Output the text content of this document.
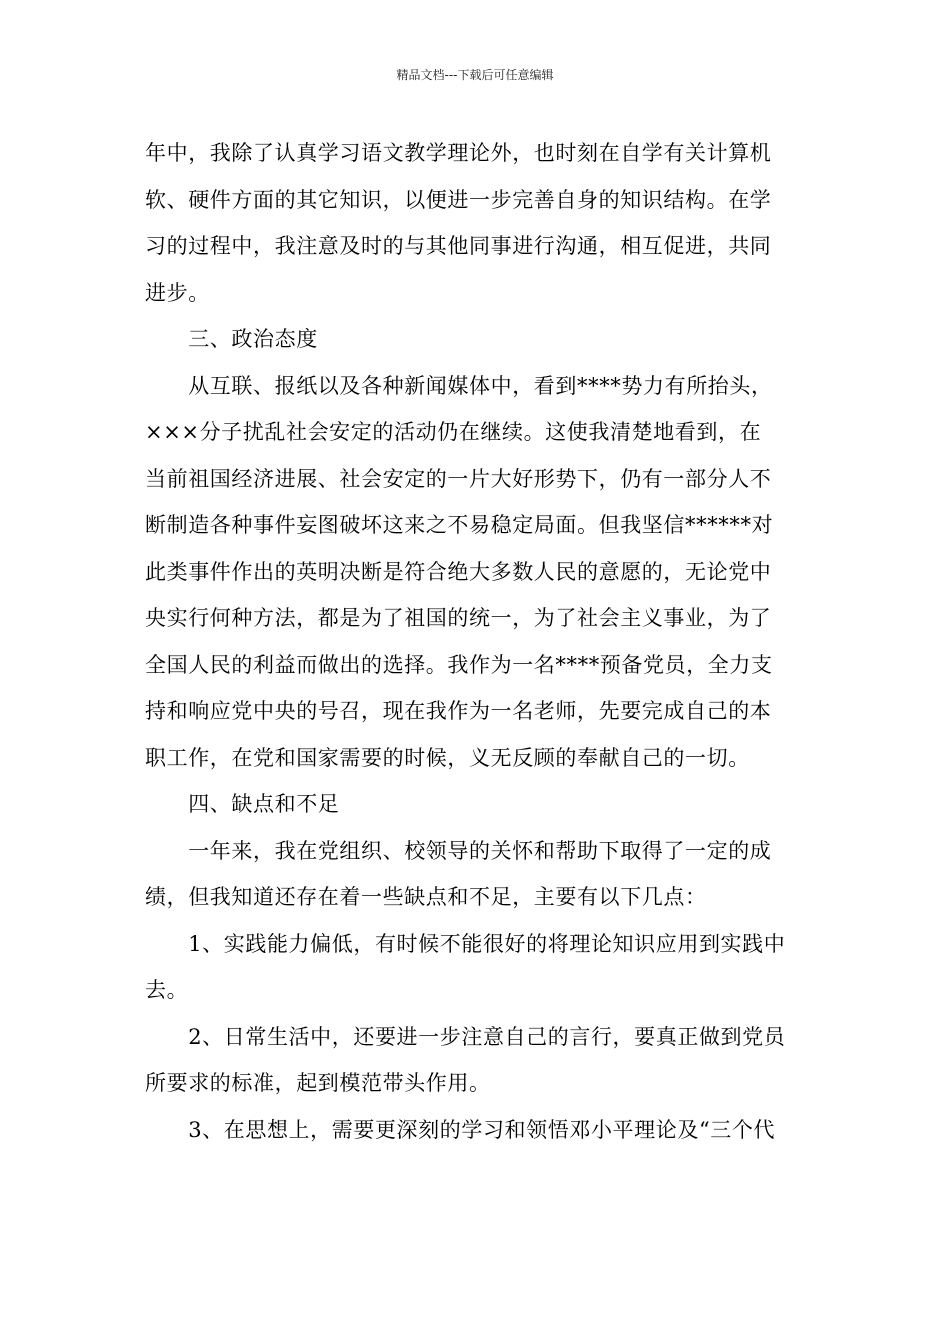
精品文档---下载后可任意编辑
年中，我除了认真学习语文教学理论外，也时刻在自学有关计算机
软、硬件方面的其它知识，以便进一步完善自身的知识结构。在学
习的过程中，我注意及时的与其他同事进行沟通，相互促进，共同
进步。
　　三、政治态度
　　从互联、报纸以及各种新闻媒体中，看到****势力有所抬头，
×××分子扰乱社会安定的活动仍在继续。这使我清楚地看到，在
当前祖国经济进展、社会安定的一片大好形势下，仍有一部分人不
断制造各种事件妄图破坏这来之不易稳定局面。但我坚信******对
此类事件作出的英明决断是符合绝大多数人民的意愿的，无论党中
央实行何种方法，都是为了祖国的统一，为了社会主义事业，为了
全国人民的利益而做出的选择。我作为一名****预备党员，全力支
持和响应党中央的号召，现在我作为一名老师，先要完成自己的本
职工作，在党和国家需要的时候，义无反顾的奉献自己的一切。
　　四、缺点和不足
　　一年来，我在党组织、校领导的关怀和帮助下取得了一定的成
绩，但我知道还存在着一些缺点和不足，主要有以下几点：
　　1、实践能力偏低，有时候不能很好的将理论知识应用到实践中
去。
　　2、日常生活中，还要进一步注意自己的言行，要真正做到党员
所要求的标准，起到模范带头作用。
　　3、在思想上，需要更深刻的学习和领悟邓小平理论及“三个代
